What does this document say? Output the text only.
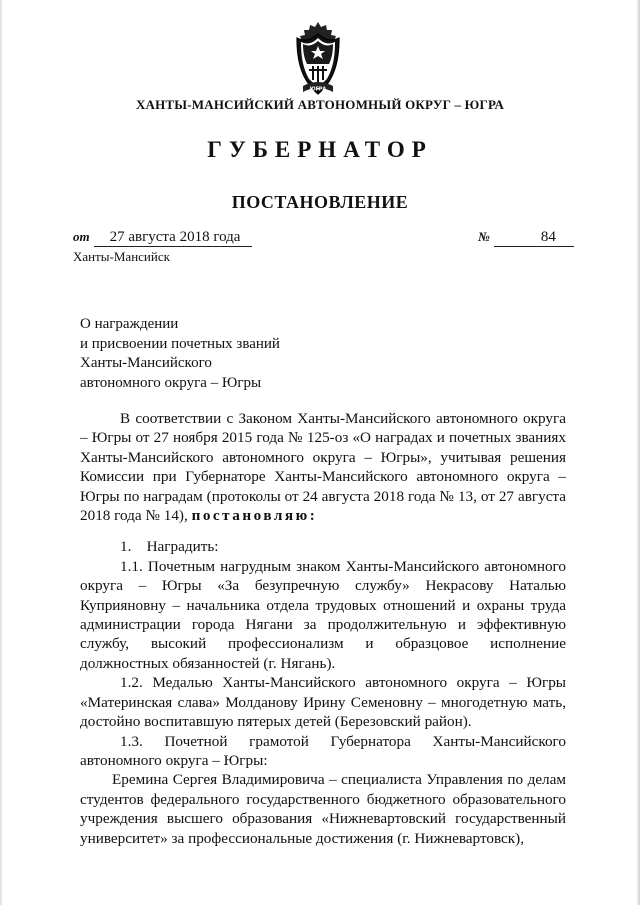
ЮГРА
ХАНТЫ-МАНСИЙСКИЙ АВТОНОМНЫЙ ОКРУГ – ЮГРА
ГУБЕРНАТОР
ПОСТАНОВЛЕНИЕ
от 27 августа 2018 года	№	84
Ханты-Мансийск
О награждении
и присвоении почетных званий
Ханты-Мансийского
автономного округа – Югры

В соответствии с Законом Ханты-Мансийского автономного округа – Югры от 27 ноября 2015 года № 125-оз «О наградах и почетных званиях Ханты-Мансийского автономного округа – Югры», учитывая решения Комиссии при Губернаторе Ханты-Мансийского автономного округа – Югры по наградам (протоколы от 24 августа 2018 года № 13, от 27 августа 2018 года № 14), постановляю:

1.    Наградить:

1.1. Почетным нагрудным знаком Ханты-Мансийского автономного округа – Югры «За безупречную службу» Некрасову Наталью Куприяновну – начальника отдела трудовых отношений и охраны труда администрации города Нягани за продолжительную и эффективную службу, высокий профессионализм и образцовое исполнение должностных обязанностей (г. Нягань).

1.2. Медалью Ханты-Мансийского автономного округа – Югры «Материнская слава» Молданову Ирину Семеновну – многодетную мать, достойно воспитавшую пятерых детей (Березовский район).

1.3. Почетной грамотой Губернатора Ханты-Мансийского автономного округа – Югры:

Еремина Сергея Владимировича – специалиста Управления по делам студентов федерального государственного бюджетного образовательного учреждения высшего образования «Нижневартовский государственный университет» за профессиональные достижения (г. Нижневартовск),
